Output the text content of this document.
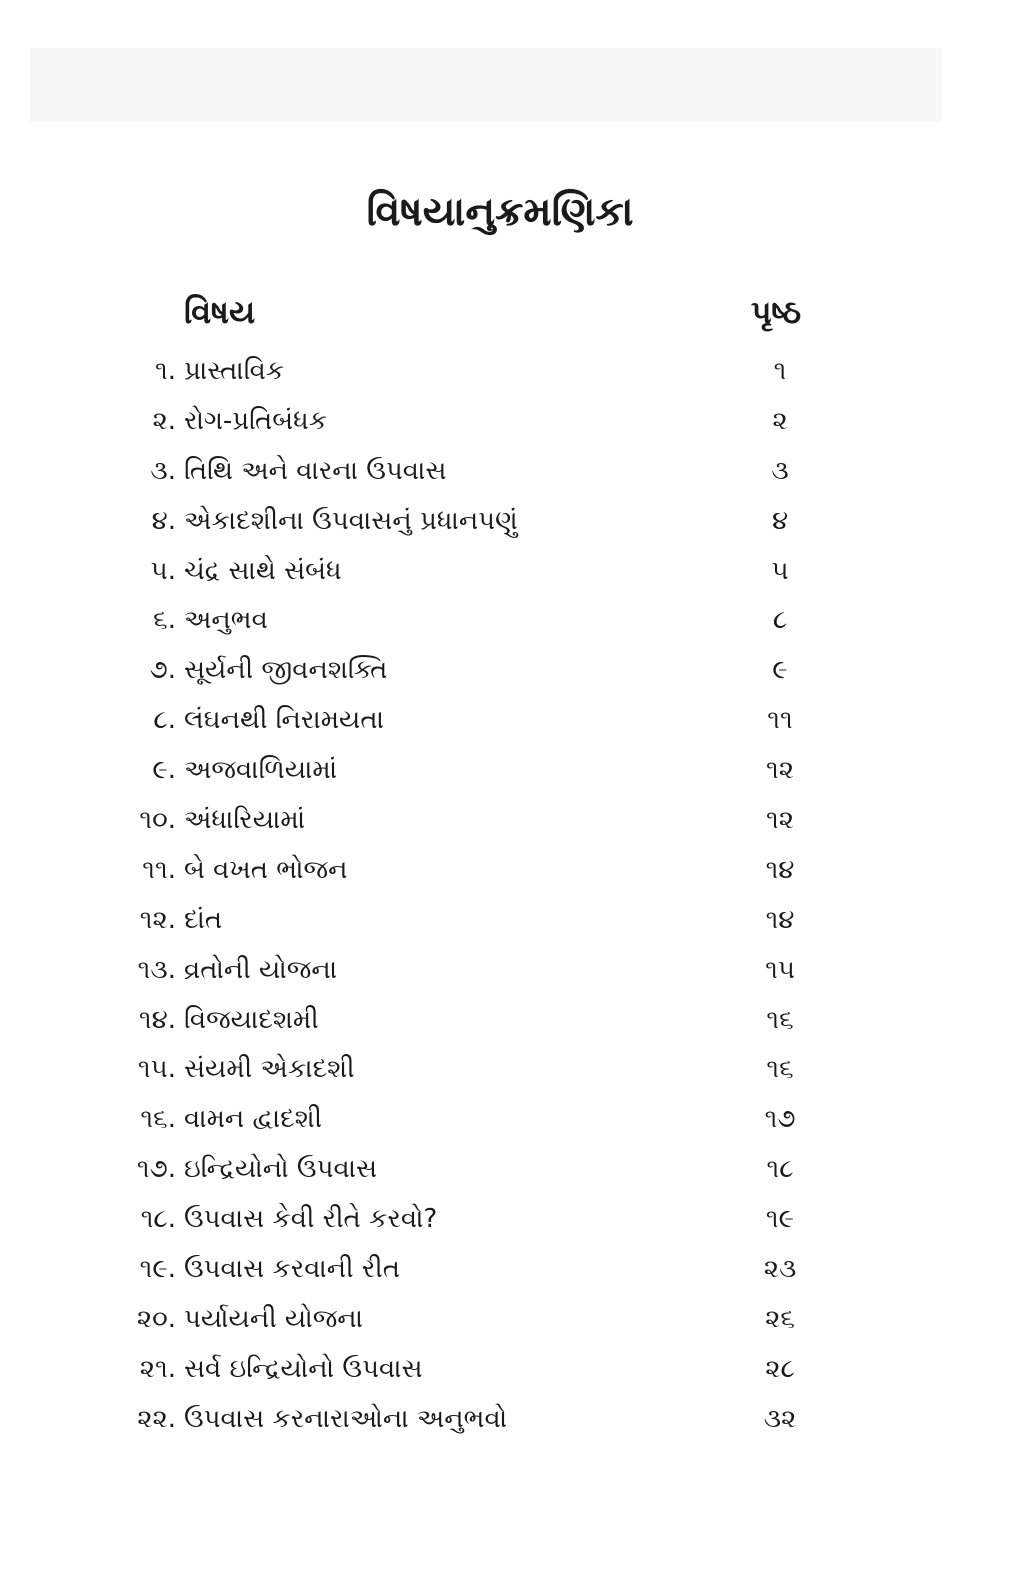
વિષયાનુક્રમણિકા
વિષય	પૃષ્ઠ
૧. પ્રાસ્તાવિક	૧
૨. રોગ-પ્રતિબંધક	૨
૩. તિથિ અને વારના ઉપવાસ	૩
૪. એકાદશીના ઉપવાસનું પ્રધાનપણું	૪
૫. ચંદ્ર સાથે સંબંધ	૫
૬. અનુભવ	૮
૭. સૂર્યની જીવનશક્તિ	૯
૮. લંઘનથી નિરામયતા	૧૧
૯. અજવાળિયામાં	૧૨
૧૦. અંધારિયામાં	૧૨
૧૧. બે વખત ભોજન	૧૪
૧૨. દાંત	૧૪
૧૩. વ્રતોની યોજના	૧૫
૧૪. વિજયાદશમી	૧૬
૧૫. સંયમી એકાદશી	૧૬
૧૬. વામન દ્વાદશી	૧૭
૧૭. ઇન્દ્રિયોનો ઉપવાસ	૧૮
૧૮. ઉપવાસ કેવી રીતે કરવો?	૧૯
૧૯. ઉપવાસ કરવાની રીત	૨૩
૨૦. પર્યાયની યોજના	૨૬
૨૧. સર્વ ઇન્દ્રિયોનો ઉપવાસ	૨૮
૨૨. ઉપવાસ કરનારાઓના અનુભવો	૩૨
